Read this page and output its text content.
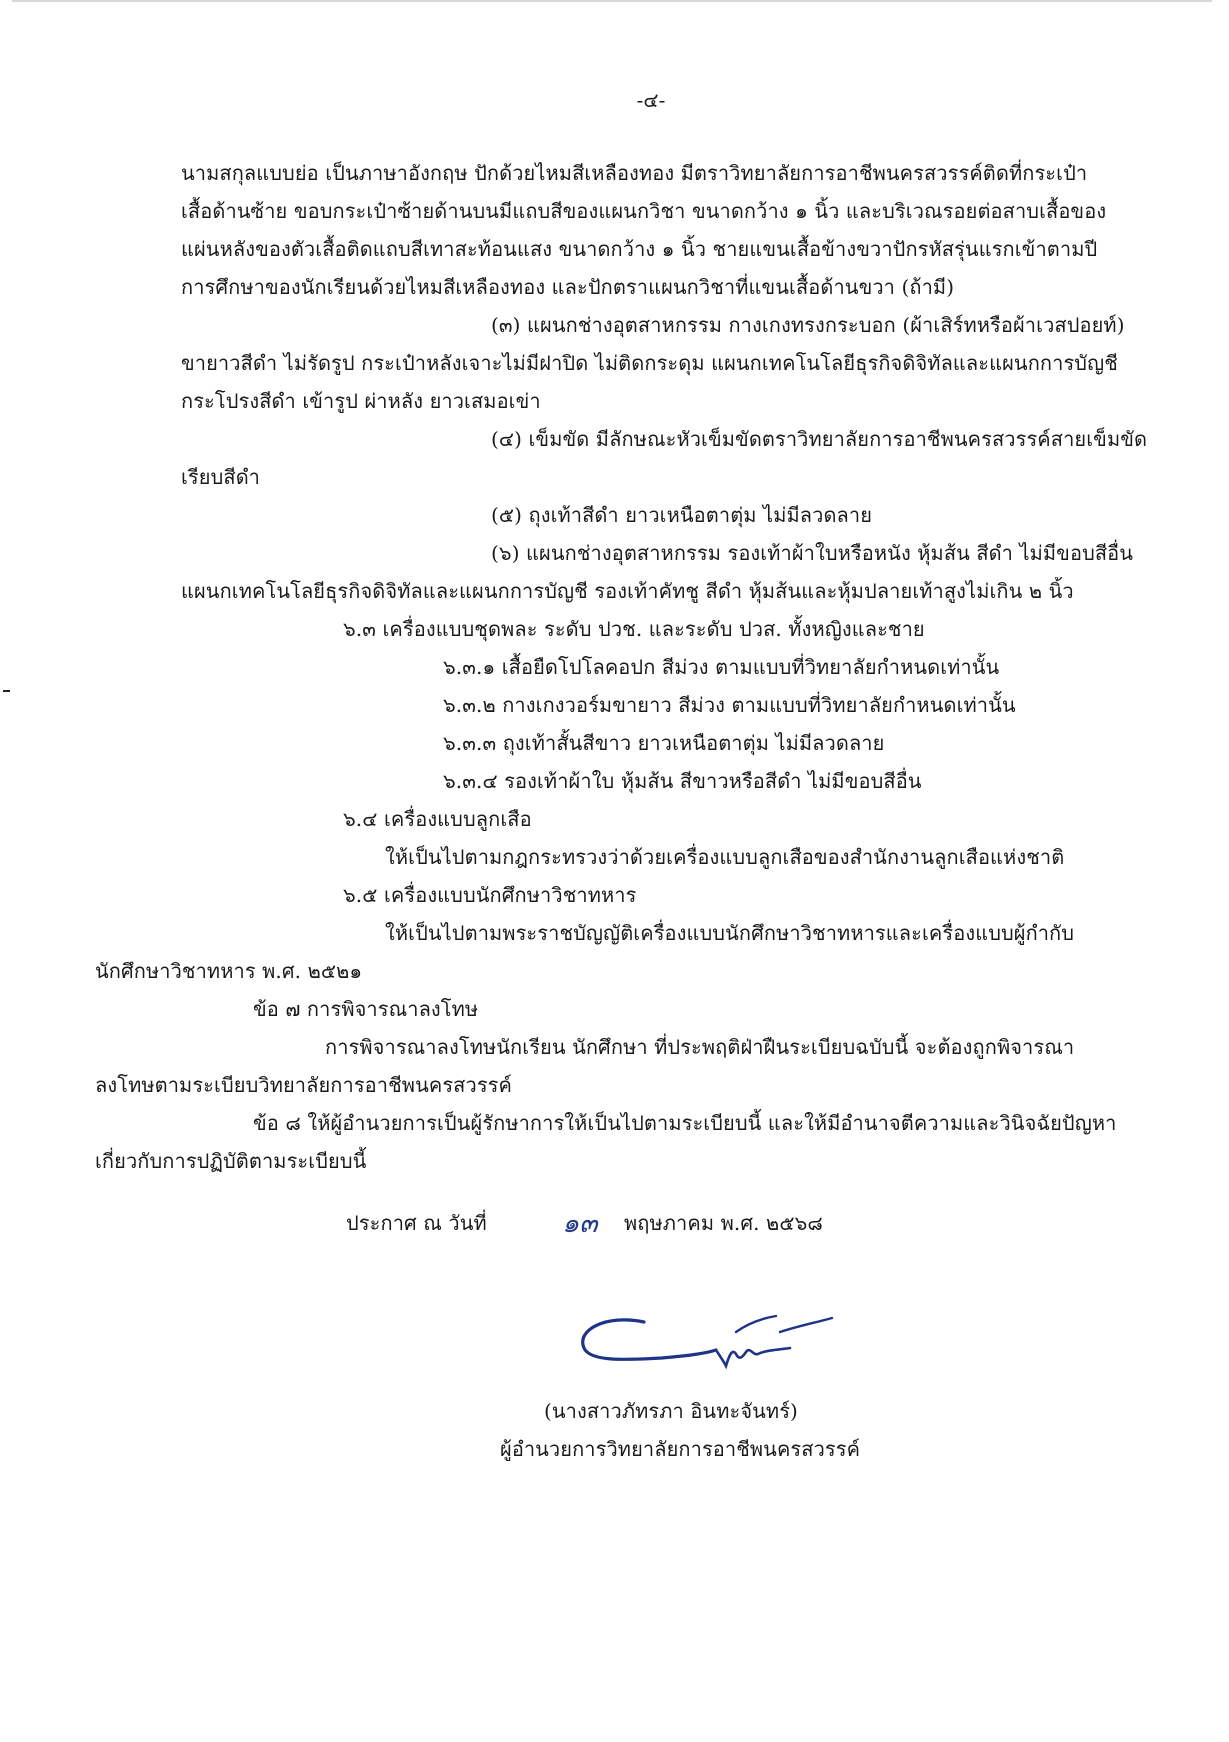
-๔-
นามสกุลแบบย่อ เป็นภาษาอังกฤษ ปักด้วยไหมสีเหลืองทอง มีตราวิทยาลัยการอาชีพนครสวรรค์ติดที่กระเป๋า
เสื้อด้านซ้าย ขอบกระเป๋าซ้ายด้านบนมีแถบสีของแผนกวิชา ขนาดกว้าง ๑ นิ้ว และบริเวณรอยต่อสาบเสื้อของ
แผ่นหลังของตัวเสื้อติดแถบสีเทาสะท้อนแสง ขนาดกว้าง ๑ นิ้ว ชายแขนเสื้อข้างขวาปักรหัสรุ่นแรกเข้าตามปี
การศึกษาของนักเรียนด้วยไหมสีเหลืองทอง และปักตราแผนกวิชาที่แขนเสื้อด้านขวา (ถ้ามี)
(๓) แผนกช่างอุตสาหกรรม กางเกงทรงกระบอก (ผ้าเสิร์ทหรือผ้าเวสปอยท์)
ขายาวสีดำ ไม่รัดรูป กระเป๋าหลังเจาะไม่มีฝาปิด ไม่ติดกระดุม แผนกเทคโนโลยีธุรกิจดิจิทัลและแผนกการบัญชี
กระโปรงสีดำ เข้ารูป ผ่าหลัง ยาวเสมอเข่า
(๔) เข็มขัด มีลักษณะหัวเข็มขัดตราวิทยาลัยการอาชีพนครสวรรค์สายเข็มขัด
เรียบสีดำ
(๕) ถุงเท้าสีดำ ยาวเหนือตาตุ่ม ไม่มีลวดลาย
(๖) แผนกช่างอุตสาหกรรม รองเท้าผ้าใบหรือหนัง หุ้มส้น สีดำ ไม่มีขอบสีอื่น
แผนกเทคโนโลยีธุรกิจดิจิทัลและแผนกการบัญชี รองเท้าคัทชู สีดำ หุ้มส้นและหุ้มปลายเท้าสูงไม่เกิน ๒ นิ้ว
๖.๓ เครื่องแบบชุดพละ ระดับ ปวช. และระดับ ปวส. ทั้งหญิงและชาย
๖.๓.๑ เสื้อยืดโปโลคอปก สีม่วง ตามแบบที่วิทยาลัยกำหนดเท่านั้น
๖.๓.๒ กางเกงวอร์มขายาว สีม่วง ตามแบบที่วิทยาลัยกำหนดเท่านั้น
๖.๓.๓ ถุงเท้าสั้นสีขาว ยาวเหนือตาตุ่ม ไม่มีลวดลาย
๖.๓.๔ รองเท้าผ้าใบ หุ้มส้น สีขาวหรือสีดำ ไม่มีขอบสีอื่น
๖.๔ เครื่องแบบลูกเสือ
ให้เป็นไปตามกฎกระทรวงว่าด้วยเครื่องแบบลูกเสือของสำนักงานลูกเสือแห่งชาติ
๖.๕ เครื่องแบบนักศึกษาวิชาทหาร
ให้เป็นไปตามพระราชบัญญัติเครื่องแบบนักศึกษาวิชาทหารและเครื่องแบบผู้กำกับ
นักศึกษาวิชาทหาร พ.ศ. ๒๕๒๑
ข้อ ๗ การพิจารณาลงโทษ
การพิจารณาลงโทษนักเรียน นักศึกษา ที่ประพฤติฝ่าฝืนระเบียบฉบับนี้ จะต้องถูกพิจารณา
ลงโทษตามระเบียบวิทยาลัยการอาชีพนครสวรรค์
ข้อ ๘ ให้ผู้อำนวยการเป็นผู้รักษาการให้เป็นไปตามระเบียบนี้ และให้มีอำนาจตีความและวินิจฉัยปัญหา
เกี่ยวกับการปฏิบัติตามระเบียบนี้
ประกาศ ณ วันที่	๑๓ พฤษภาคม พ.ศ. ๒๕๖๘
(นางสาวภัทรภา อินทะจันทร์)
ผู้อำนวยการวิทยาลัยการอาชีพนครสวรรค์
